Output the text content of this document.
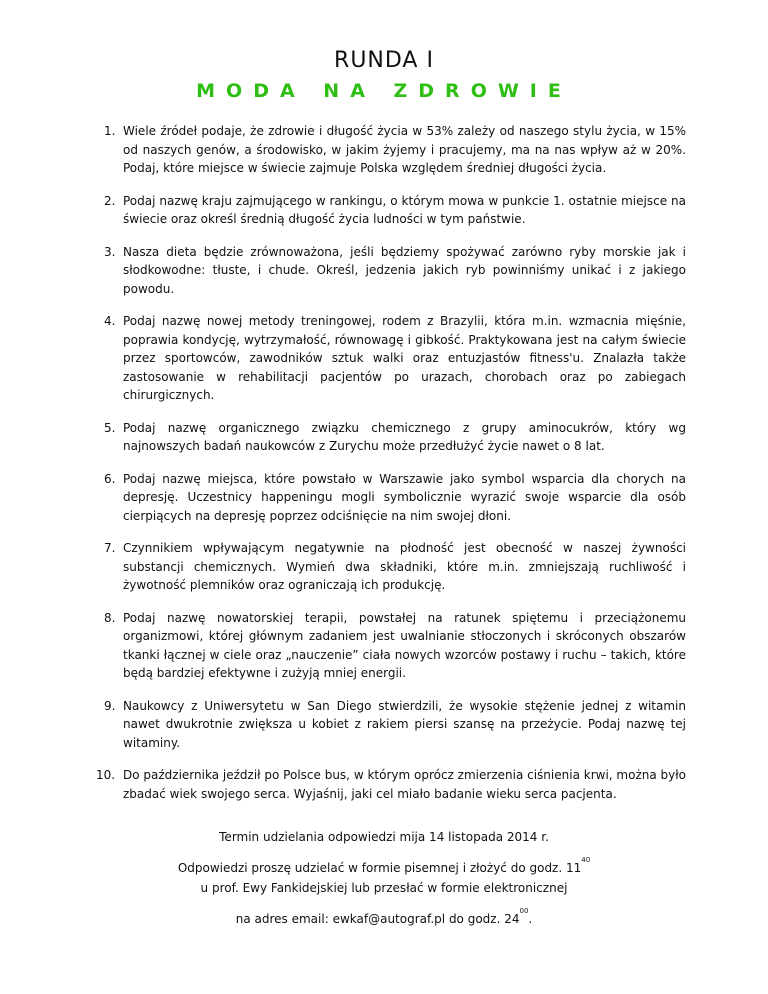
RUNDA I
MODA NA ZDROWIE
1. Wiele źródeł podaje, że zdrowie i długość życia w 53% zależy od naszego stylu życia, w 15% od naszych genów, a środowisko, w jakim żyjemy i pracujemy, ma na nas wpływ aż w 20%. Podaj, które miejsce w świecie zajmuje Polska względem średniej długości życia.
2. Podaj nazwę kraju zajmującego w rankingu, o którym mowa w punkcie 1. ostatnie miejsce na świecie oraz określ średnią długość życia ludności w tym państwie.
3. Nasza dieta będzie zrównoważona, jeśli będziemy spożywać zarówno ryby morskie jak i słodkowodne: tłuste, i chude. Określ, jedzenia jakich ryb powinniśmy unikać i z jakiego powodu.
4. Podaj nazwę nowej metody treningowej, rodem z Brazylii, która m.in. wzmacnia mięśnie, poprawia kondycję, wytrzymałość, równowagę i gibkość. Praktykowana jest na całym świecie przez sportowców, zawodników sztuk walki oraz entuzjastów fitness'u. Znalazła także zastosowanie w rehabilitacji pacjentów po urazach, chorobach oraz po zabiegach chirurgicznych.
5. Podaj nazwę organicznego związku chemicznego z grupy aminocukrów, który wg najnowszych badań naukowców z Zurychu może przedłużyć życie nawet o 8 lat.
6. Podaj nazwę miejsca, które powstało w Warszawie jako symbol wsparcia dla chorych na depresję. Uczestnicy happeningu mogli symbolicznie wyrazić swoje wsparcie dla osób cierpiących na depresję poprzez odciśnięcie na nim swojej dłoni.
7. Czynnikiem wpływającym negatywnie na płodność jest obecność w naszej żywności substancji chemicznych. Wymień dwa składniki, które m.in. zmniejszają ruchliwość i żywotność plemników oraz ograniczają ich produkcję.
8. Podaj nazwę nowatorskiej terapii, powstałej na ratunek spiętemu i przeciążonemu organizmowi, której głównym zadaniem jest uwalnianie stłoczonych i skróconych obszarów tkanki łącznej w ciele oraz „nauczenie” ciała nowych wzorców postawy i ruchu – takich, które będą bardziej efektywne i zużyją mniej energii.
9. Naukowcy z Uniwersytetu w San Diego stwierdzili, że wysokie stężenie jednej z witamin nawet dwukrotnie zwiększa u kobiet z rakiem piersi szansę na przeżycie. Podaj nazwę tej witaminy.
10. Do października jeździł po Polsce bus, w którym oprócz zmierzenia ciśnienia krwi, można było zbadać wiek swojego serca. Wyjaśnij, jaki cel miało badanie wieku serca pacjenta.

Termin udzielania odpowiedzi mija 14 listopada 2014 r.

Odpowiedzi proszę udzielać w formie pisemnej i złożyć do godz. $11^{40}$

u prof. Ewy Fankidejskiej lub przesłać w formie elektronicznej

na adres email: ewkaf@autograf.pl do godz. $24^{00}$.
